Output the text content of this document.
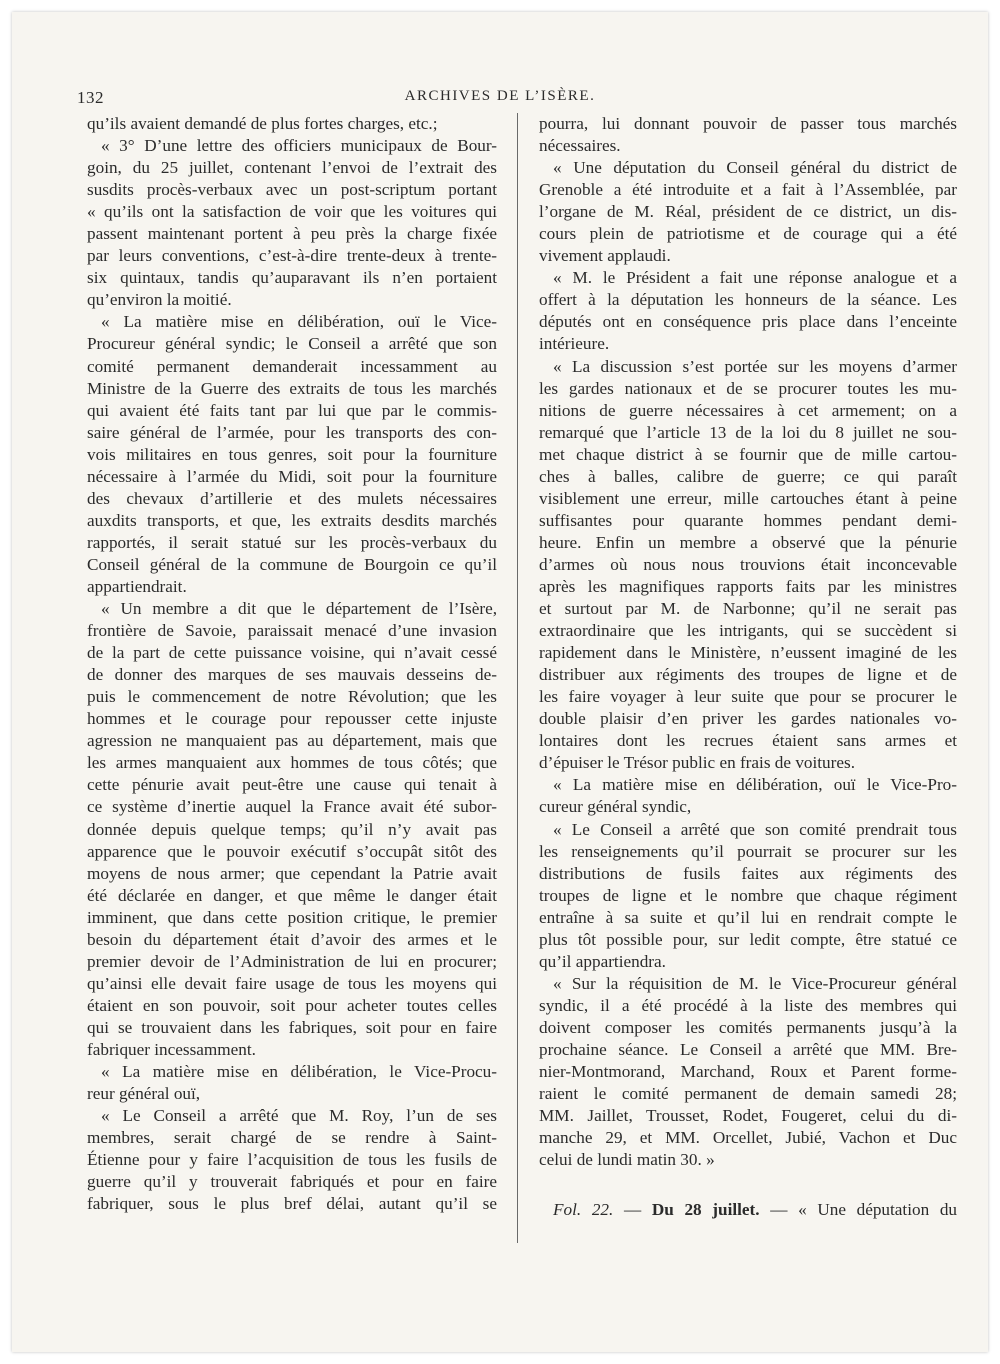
132	ARCHIVES DE L’ISÈRE.

qu’ils avaient demandé de plus fortes charges, etc.;

« 3° D’une lettre des officiers municipaux de Bour-

goin, du 25 juillet, contenant l’envoi de l’extrait des

susdits procès-verbaux avec un post-scriptum portant

« qu’ils ont la satisfaction de voir que les voitures qui

passent maintenant portent à peu près la charge fixée

par leurs conventions, c’est-à-dire trente-deux à trente-

six quintaux, tandis qu’auparavant ils n’en portaient

qu’environ la moitié.

« La matière mise en délibération, ouï le Vice-

Procureur général syndic; le Conseil a arrêté que son

comité permanent demanderait incessamment au

Ministre de la Guerre des extraits de tous les marchés

qui avaient été faits tant par lui que par le commis-

saire général de l’armée, pour les transports des con-

vois militaires en tous genres, soit pour la fourniture

nécessaire à l’armée du Midi, soit pour la fourniture

des chevaux d’artillerie et des mulets nécessaires

auxdits transports, et que, les extraits desdits marchés

rapportés, il serait statué sur les procès-verbaux du

Conseil général de la commune de Bourgoin ce qu’il

appartiendrait.

« Un membre a dit que le département de l’Isère,

frontière de Savoie, paraissait menacé d’une invasion

de la part de cette puissance voisine, qui n’avait cessé

de donner des marques de ses mauvais desseins de-

puis le commencement de notre Révolution; que les

hommes et le courage pour repousser cette injuste

agression ne manquaient pas au département, mais que

les armes manquaient aux hommes de tous côtés; que

cette pénurie avait peut-être une cause qui tenait à

ce système d’inertie auquel la France avait été subor-

donnée depuis quelque temps; qu’il n’y avait pas

apparence que le pouvoir exécutif s’occupât sitôt des

moyens de nous armer; que cependant la Patrie avait

été déclarée en danger, et que même le danger était

imminent, que dans cette position critique, le premier

besoin du département était d’avoir des armes et le

premier devoir de l’Administration de lui en procurer;

qu’ainsi elle devait faire usage de tous les moyens qui

étaient en son pouvoir, soit pour acheter toutes celles

qui se trouvaient dans les fabriques, soit pour en faire

fabriquer incessamment.

« La matière mise en délibération, le Vice-Procu-

reur général ouï,

« Le Conseil a arrêté que M. Roy, l’un de ses

membres, serait chargé de se rendre à Saint-

Étienne pour y faire l’acquisition de tous les fusils de

guerre qu’il y trouverait fabriqués et pour en faire

fabriquer, sous le plus bref délai, autant qu’il se

pourra, lui donnant pouvoir de passer tous marchés

nécessaires.

« Une députation du Conseil général du district de

Grenoble a été introduite et a fait à l’Assemblée, par

l’organe de M. Réal, président de ce district, un dis-

cours plein de patriotisme et de courage qui a été

vivement applaudi.

« M. le Président a fait une réponse analogue et a

offert à la députation les honneurs de la séance. Les

députés ont en conséquence pris place dans l’enceinte

intérieure.

« La discussion s’est portée sur les moyens d’armer

les gardes nationaux et de se procurer toutes les mu-

nitions de guerre nécessaires à cet armement; on a

remarqué que l’article 13 de la loi du 8 juillet ne sou-

met chaque district à se fournir que de mille cartou-

ches à balles, calibre de guerre; ce qui paraît

visiblement une erreur, mille cartouches étant à peine

suffisantes pour quarante hommes pendant demi-

heure. Enfin un membre a observé que la pénurie

d’armes où nous nous trouvions était inconcevable

après les magnifiques rapports faits par les ministres

et surtout par M. de Narbonne; qu’il ne serait pas

extraordinaire que les intrigants, qui se succèdent si

rapidement dans le Ministère, n’eussent imaginé de les

distribuer aux régiments des troupes de ligne et de

les faire voyager à leur suite que pour se procurer le

double plaisir d’en priver les gardes nationales vo-

lontaires dont les recrues étaient sans armes et

d’épuiser le Trésor public en frais de voitures.

« La matière mise en délibération, ouï le Vice-Pro-

cureur général syndic,

« Le Conseil a arrêté que son comité prendrait tous

les renseignements qu’il pourrait se procurer sur les

distributions de fusils faites aux régiments des

troupes de ligne et le nombre que chaque régiment

entraîne à sa suite et qu’il lui en rendrait compte le

plus tôt possible pour, sur ledit compte, être statué ce

qu’il appartiendra.

« Sur la réquisition de M. le Vice-Procureur général

syndic, il a été procédé à la liste des membres qui

doivent composer les comités permanents jusqu’à la

prochaine séance. Le Conseil a arrêté que MM. Bre-

nier-Montmorand, Marchand, Roux et Parent forme-

raient le comité permanent de demain samedi 28;

MM. Jaillet, Trousset, Rodet, Fougeret, celui du di-

manche 29, et MM. Orcellet, Jubié, Vachon et Duc

celui de lundi matin 30. »

Fol. 22. — Du 28 juillet. — « Une députation du
